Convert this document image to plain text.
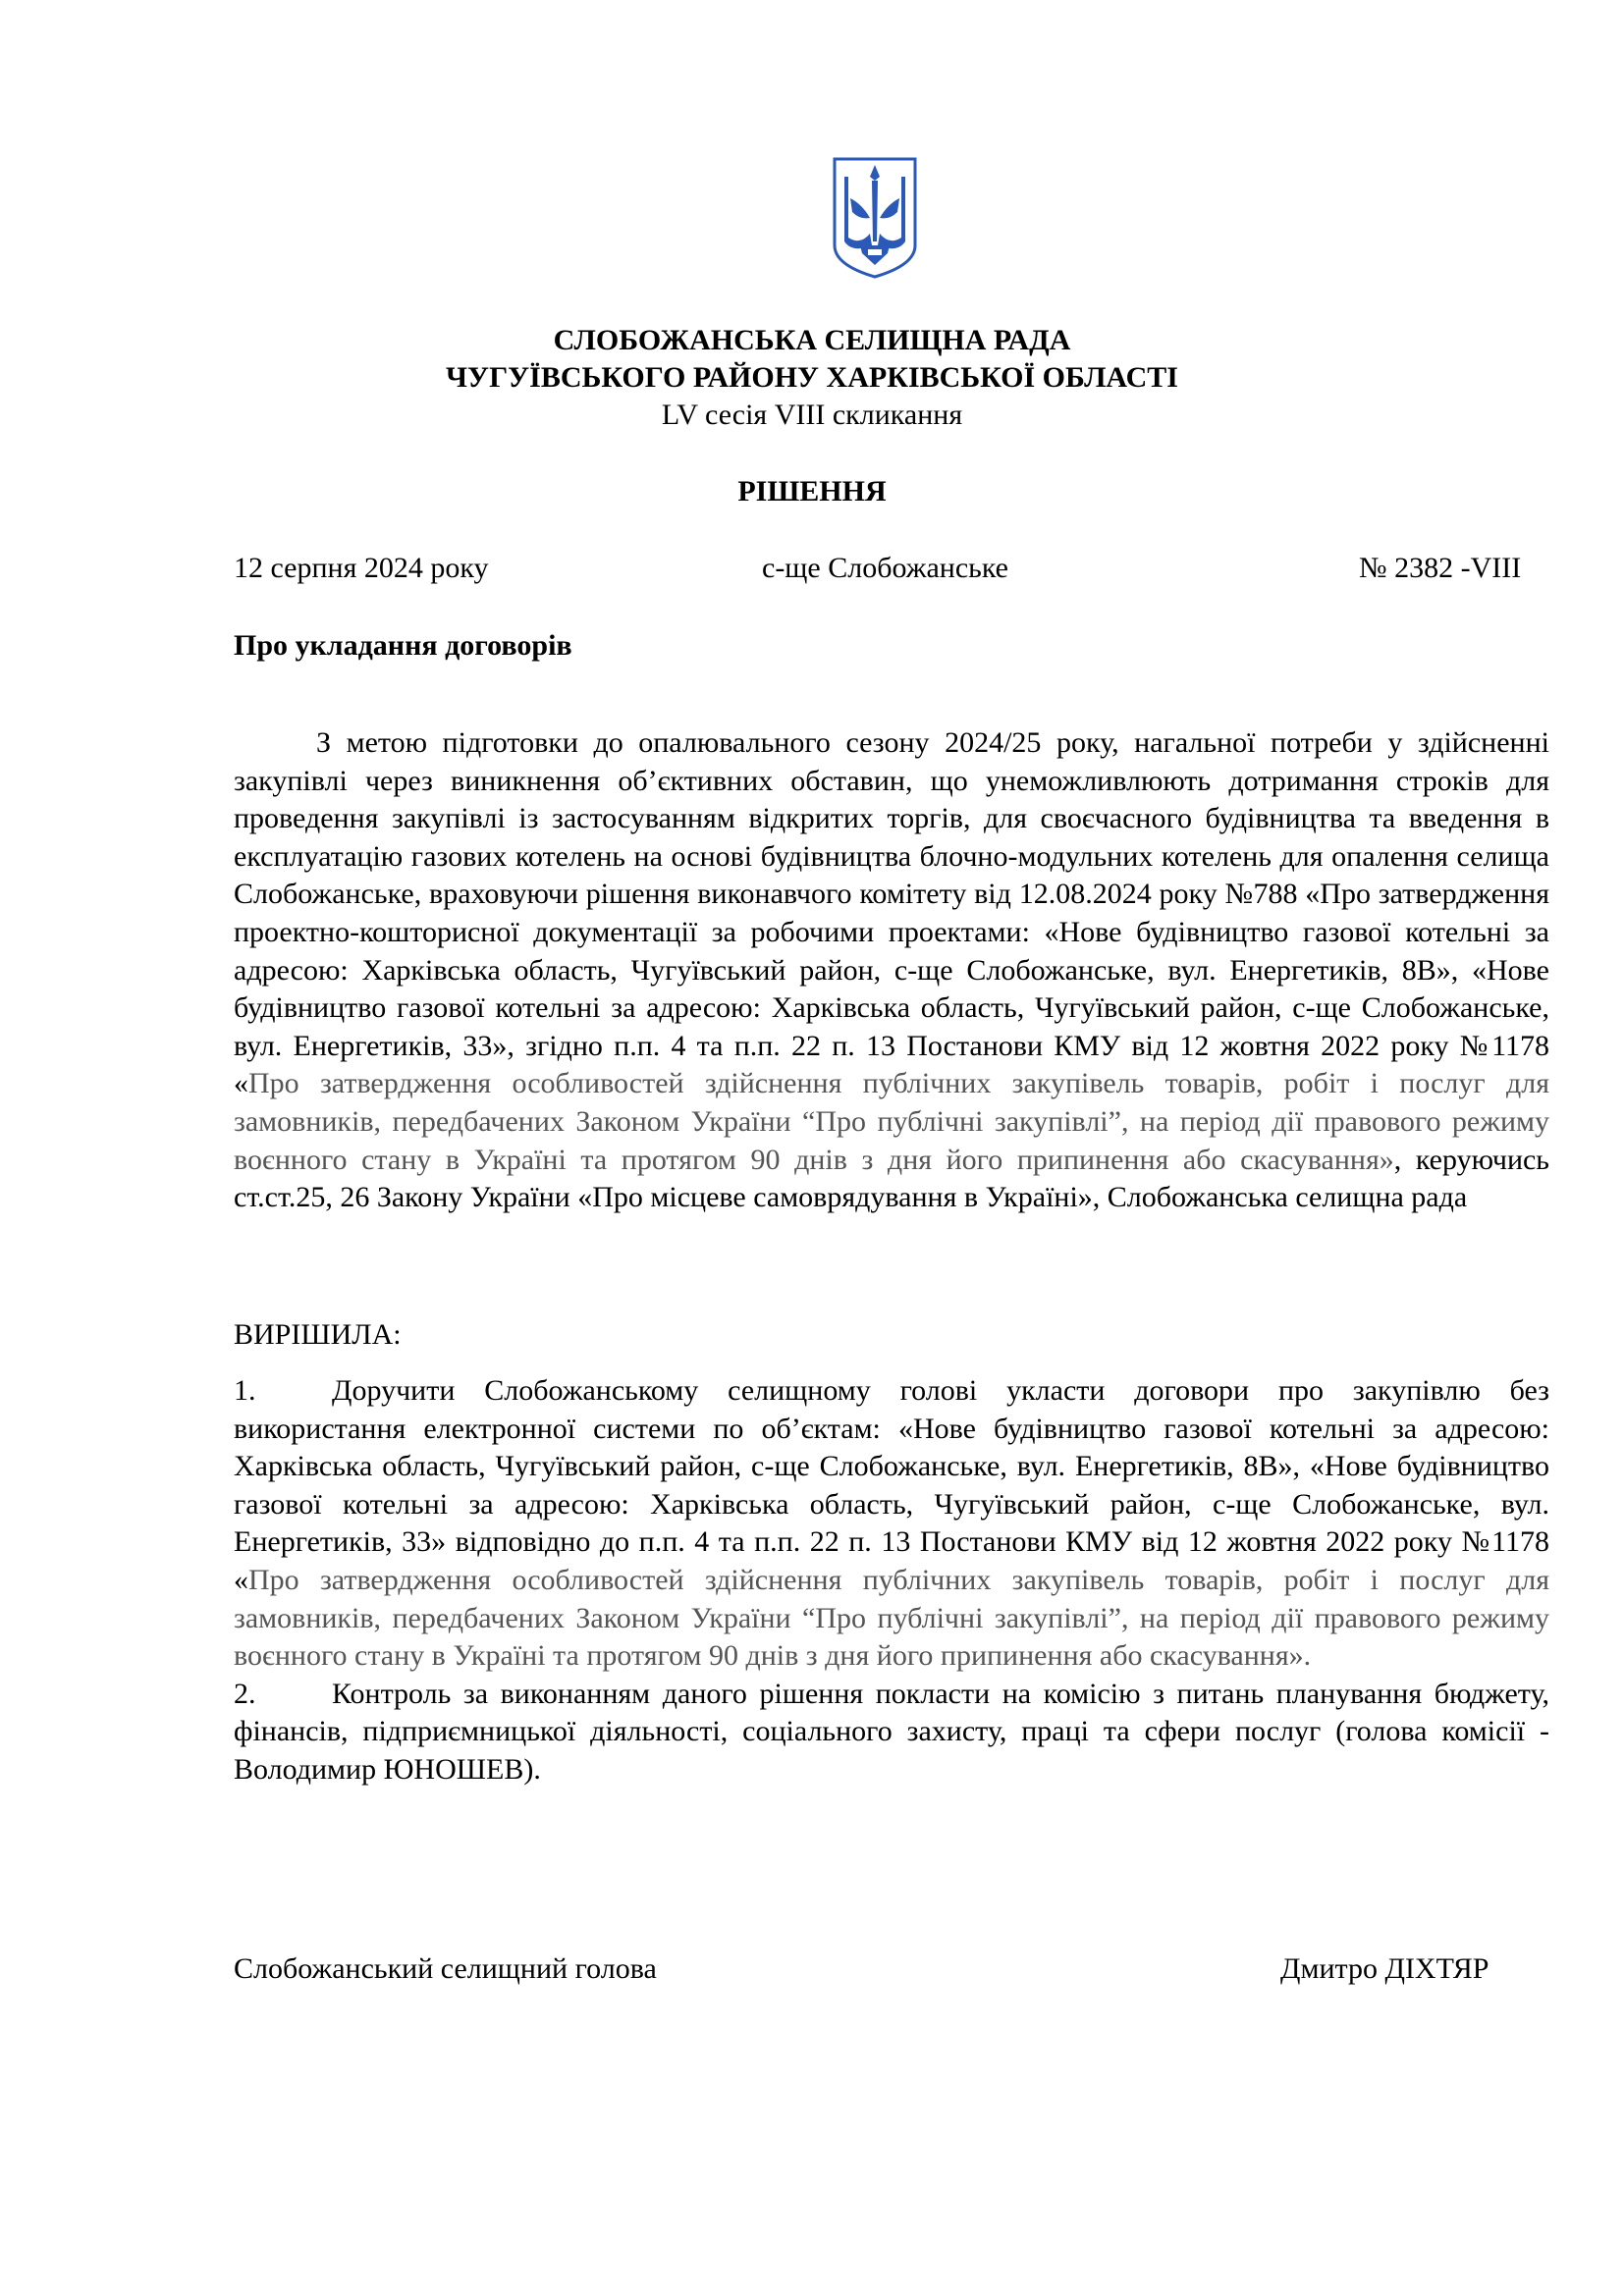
СЛОБОЖАНСЬКА СЕЛИЩНА РАДА
ЧУГУЇВСЬКОГО РАЙОНУ ХАРКІВСЬКОЇ ОБЛАСТІ
LV сесія VIII скликання
РІШЕННЯ
12 серпня 2024 року	с-ще Слобожанське	№ 2382 -VIII
Про укладання договорів
З метою підготовки до опалювального сезону 2024/25 року, нагальної потреби у здійсненні закупівлі через виникнення об’єктивних обставин, що унеможливлюють дотримання строків для проведення закупівлі із застосуванням відкритих торгів, для своєчасного будівництва та введення в експлуатацію газових котелень на основі будівництва блочно-модульних котелень для опалення селища Слобожанське, враховуючи рішення виконавчого комітету від 12.08.2024 року №788 «Про затвердження проектно-кошторисної документації за робочими проектами: «Нове будівництво газової котельні за адресою: Харківська область, Чугуївський район, с-ще Слобожанське, вул. Енергетиків, 8В», «Нове будівництво газової котельні за адресою: Харківська область, Чугуївський район, с-ще Слобожанське, вул. Енергетиків, 33», згідно п.п. 4 та п.п. 22 п. 13 Постанови КМУ від 12 жовтня 2022 року №1178 «Про затвердження особливостей здійснення публічних закупівель товарів, робіт і послуг для замовників, передбачених Законом України “Про публічні закупівлі”, на період дії правового режиму воєнного стану в Україні та протягом 90 днів з дня його припинення або скасування», керуючись ст.ст.25, 26 Закону України «Про місцеве самоврядування в Україні», Слобожанська селищна рада
ВИРІШИЛА:

1.	Доручити Слобожанському селищному голові укласти договори про закупівлю без використання електронної системи по об’єктам: «Нове будівництво газової котельні за адресою: Харківська область, Чугуївський район, с-ще Слобожанське, вул. Енергетиків, 8В», «Нове будівництво газової котельні за адресою: Харківська область, Чугуївський район, с-ще Слобожанське, вул. Енергетиків, 33» відповідно до п.п. 4 та п.п. 22 п. 13 Постанови КМУ від 12 жовтня 2022 року №1178 «Про затвердження особливостей здійснення публічних закупівель товарів, робіт і послуг для замовників, передбачених Законом України “Про публічні закупівлі”, на період дії правового режиму воєнного стану в Україні та протягом 90 днів з дня його припинення або скасування».

2.	Контроль за виконанням даного рішення покласти на комісію з питань планування бюджету, фінансів, підприємницької діяльності, соціального захисту, праці та сфери послуг (голова комісії - Володимир ЮНОШЕВ).

Слобожанський селищний голова	Дмитро ДІХТЯР
